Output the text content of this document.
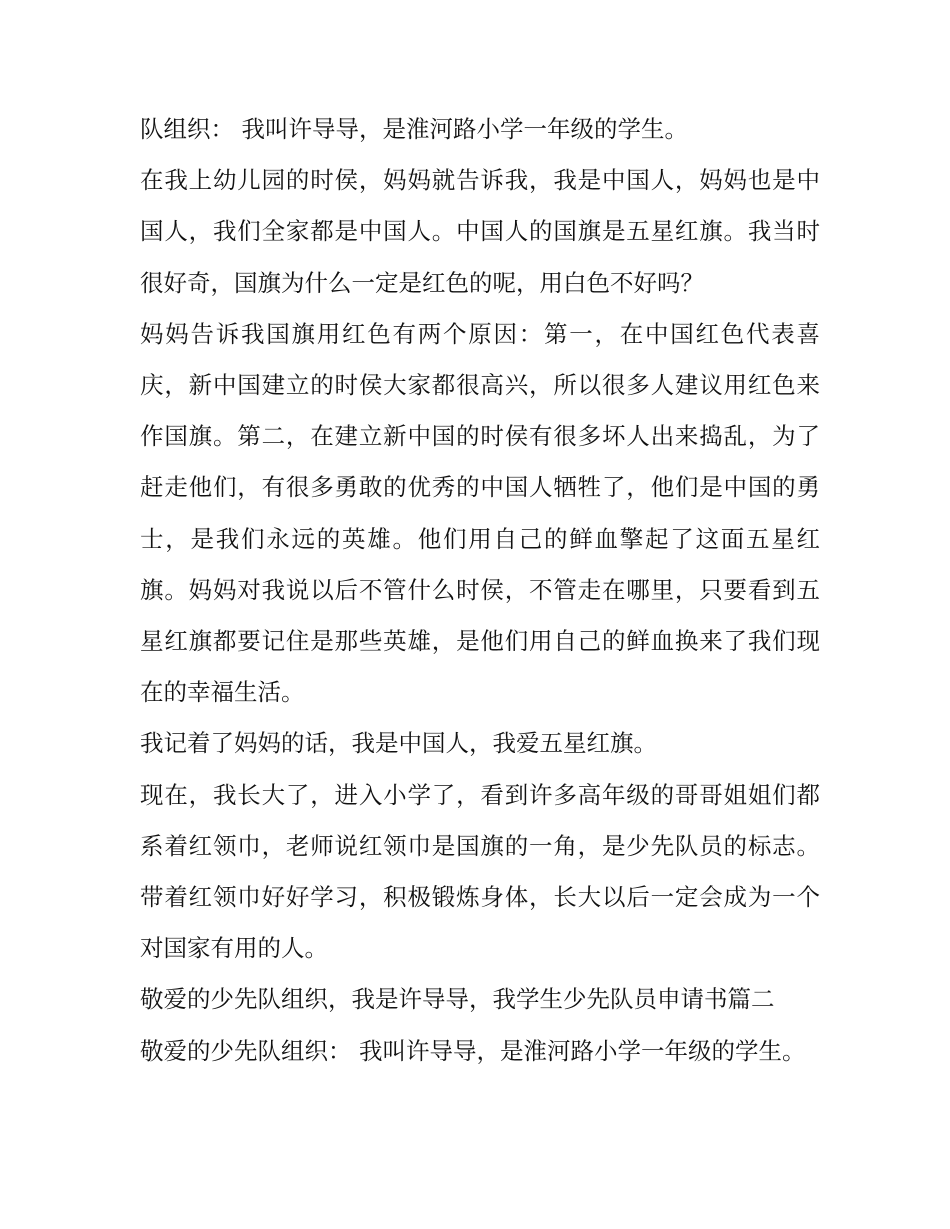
队组织： 我叫许导导，是淮河路小学一年级的学生。

在我上幼儿园的时侯，妈妈就告诉我，我是中国人，妈妈也是中国人，我们全家都是中国人。中国人的国旗是五星红旗。我当时很好奇，国旗为什么一定是红色的呢，用白色不好吗？

妈妈告诉我国旗用红色有两个原因：第一，在中国红色代表喜庆，新中国建立的时侯大家都很高兴，所以很多人建议用红色来作国旗。第二，在建立新中国的时侯有很多坏人出来捣乱，为了赶走他们，有很多勇敢的优秀的中国人牺牲了，他们是中国的勇士，是我们永远的英雄。他们用自己的鲜血擎起了这面五星红旗。妈妈对我说以后不管什么时侯，不管走在哪里，只要看到五星红旗都要记住是那些英雄，是他们用自己的鲜血换来了我们现在的幸福生活。

我记着了妈妈的话，我是中国人，我爱五星红旗。

现在，我长大了，进入小学了，看到许多高年级的哥哥姐姐们都系着红领巾，老师说红领巾是国旗的一角，是少先队员的标志。带着红领巾好好学习，积极锻炼身体，长大以后一定会成为一个对国家有用的人。

敬爱的少先队组织，我是许导导，我学生少先队员申请书篇二

敬爱的少先队组织： 我叫许导导，是淮河路小学一年级的学生。
